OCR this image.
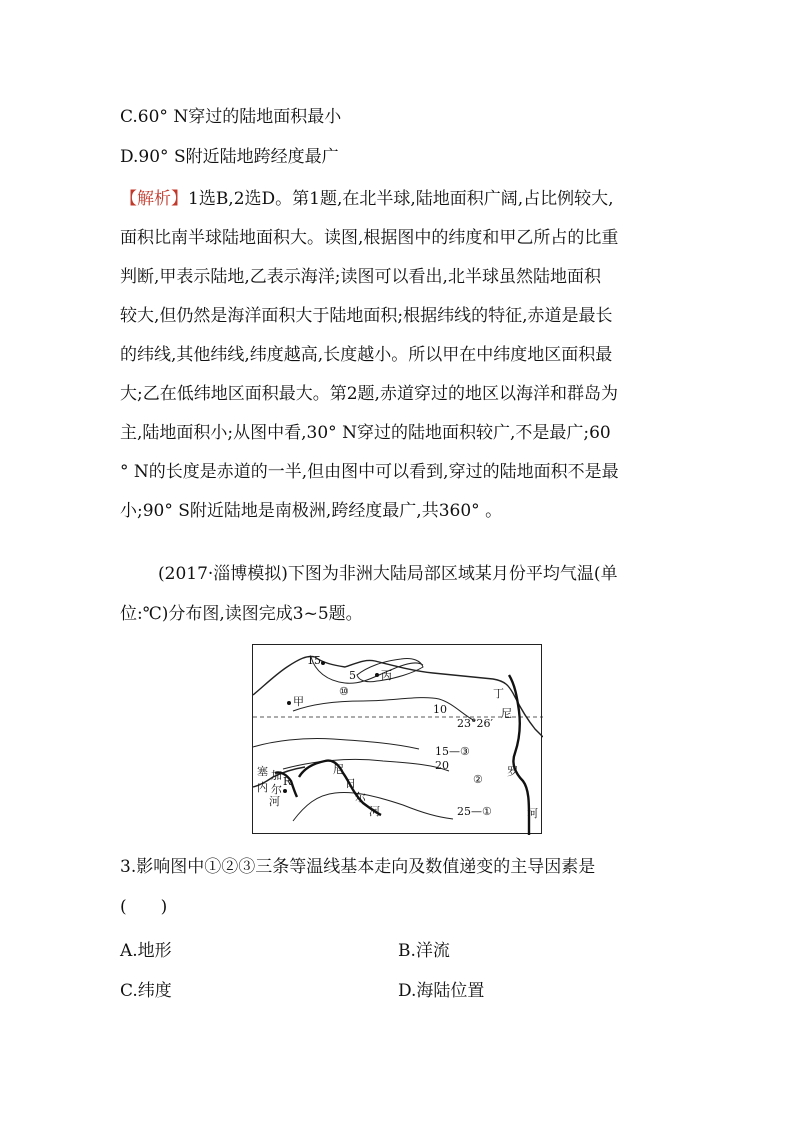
C.60° N穿过的陆地面积最小
D.90° S附近陆地跨经度最广
【解析】1选B,2选D。第1题,在北半球,陆地面积广阔,占比例较大,
面积比南半球陆地面积大。读图,根据图中的纬度和甲乙所占的比重
判断,甲表示陆地,乙表示海洋;读图可以看出,北半球虽然陆地面积
较大,但仍然是海洋面积大于陆地面积;根据纬线的特征,赤道是最长
的纬线,其他纬线,纬度越高,长度越小。所以甲在中纬度地区面积最
大;乙在低纬地区面积最大。第2题,赤道穿过的地区以海洋和群岛为
主,陆地面积小;从图中看,30° N穿过的陆地面积较广,不是最广;60
° N的长度是赤道的一半,但由图中可以看到,穿过的陆地面积不是最
小;90° S附近陆地是南极洲,跨经度最广,共360° 。
(2017·淄博模拟)下图为非洲大陆局部区域某月份平均气温(单
位:℃)分布图,读图完成3~5题。
15
5
⑩
丙
甲
丁
尼
10
23°26′
15—③
20
②
罗
塞 加
内 尔
河
R
尼
日
尔
河	25—①	河
3.影响图中①②③三条等温线基本走向及数值递变的主导因素是
(　　)
A.地形	B.洋流
C.纬度	D.海陆位置
